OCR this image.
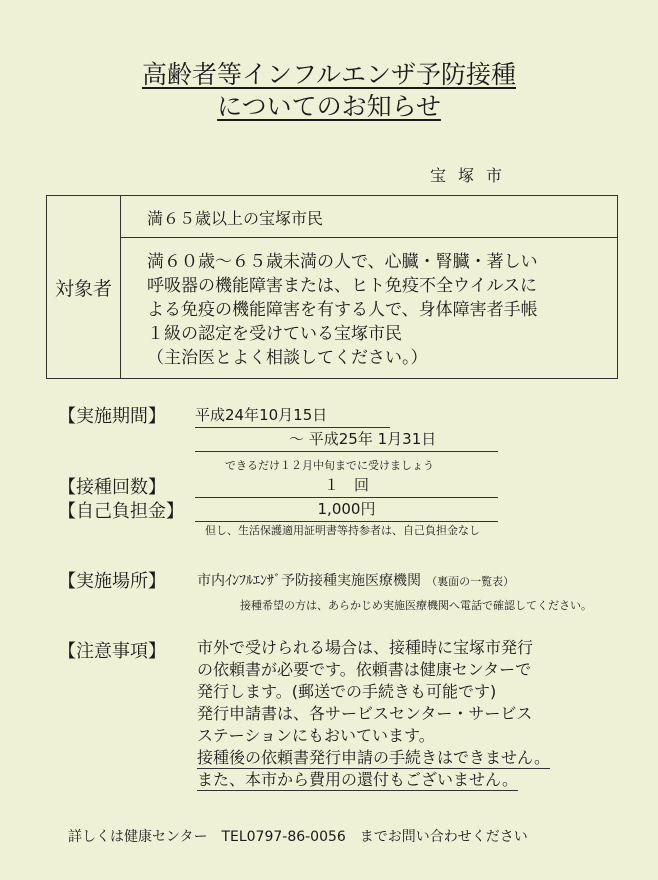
高齢者等インフルエンザ予防接種
についてのお知らせ
宝塚市
対象者
満６５歳以上の宝塚市民
満６０歳～６５歳未満の人で、心臓・腎臓・著しい
呼吸器の機能障害または、ヒト免疫不全ウイルスに
よる免疫の機能障害を有する人で、身体障害者手帳
１級の認定を受けている宝塚市民
（主治医とよく相談してください。）
【実施期間】 平成24年10月15日
～ 平成25年 1月31日
できるだけ１２月中旬までに受けましょう
【接種回数】	１　回
【自己負担金】	1,000円
但し、生活保護適用証明書等持参者は、自己負担金なし
【実施場所】 市内ｲﾝﾌﾙｴﾝｻﾞ予防接種実施医療機関 （裏面の一覧表）
接種希望の方は、あらかじめ実施医療機関へ電話で確認してください。
【注意事項】 市外で受けられる場合は、接種時に宝塚市発行
の依頼書が必要です。依頼書は健康センターで
発行します。(郵送での手続きも可能です)
発行申請書は、各サービスセンター・サービス
ステーションにもおいています。
接種後の依頼書発行申請の手続きはできません。
また、本市から費用の還付もございません。
詳しくは健康センター　TEL0797-86-0056　までお問い合わせください
